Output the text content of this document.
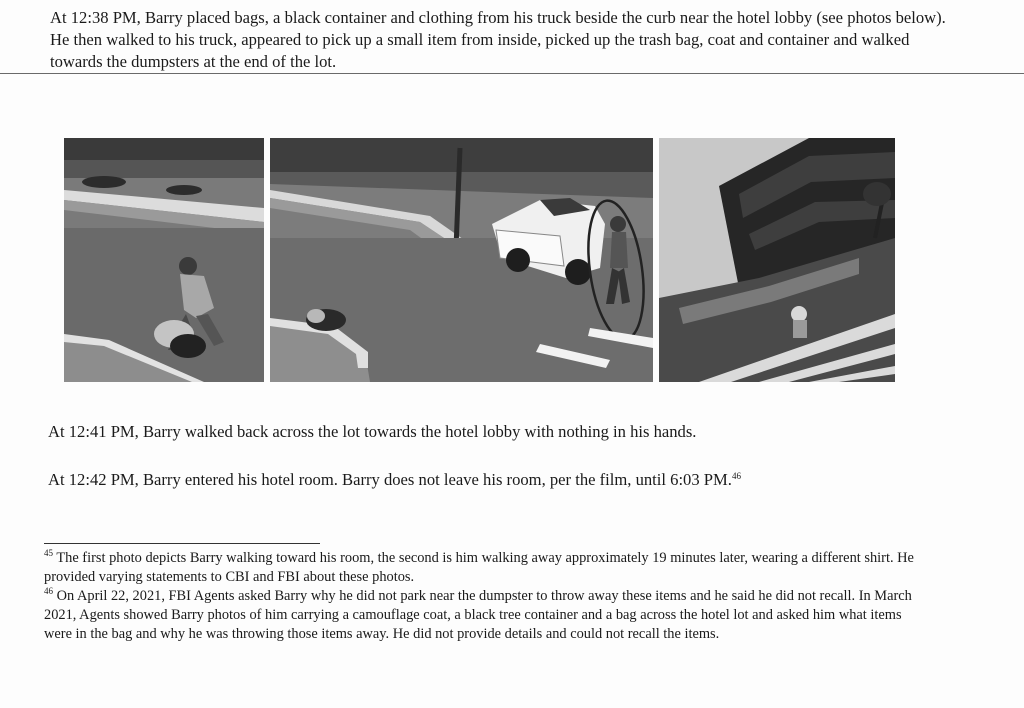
At 12:38 PM, Barry placed bags, a black container and clothing from his truck beside the curb near the hotel lobby (see photos below). He then walked to his truck, appeared to pick up a small item from inside, picked up the trash bag, coat and container and walked towards the dumpsters at the end of the lot.

At 12:41 PM, Barry walked back across the lot towards the hotel lobby with nothing in his hands.

At 12:42 PM, Barry entered his hotel room. Barry does not leave his room, per the film, until 6:03 PM.$^{46}$

$^{45}$ The first photo depicts Barry walking toward his room, the second is him walking away approximately 19 minutes later, wearing a different shirt. He provided varying statements to CBI and FBI about these photos.

$^{46}$ On April 22, 2021, FBI Agents asked Barry why he did not park near the dumpster to throw away these items and he said he did not recall. In March 2021, Agents showed Barry photos of him carrying a camouflage coat, a black tree container and a bag across the hotel lot and asked him what items were in the bag and why he was throwing those items away. He did not provide details and could not recall the items.
